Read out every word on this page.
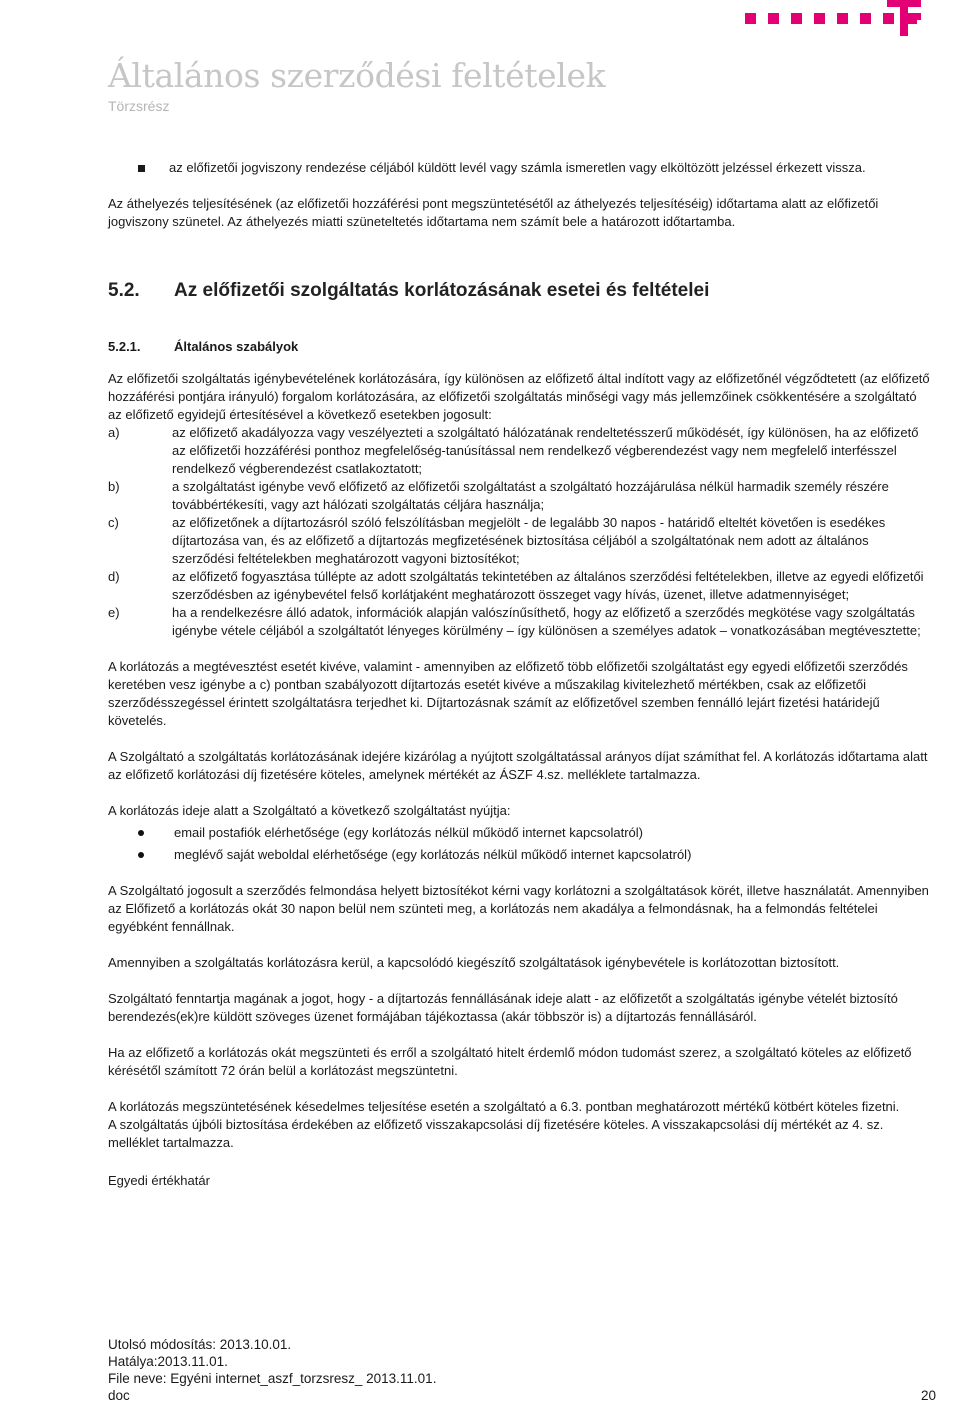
Általános szerződési feltételek
Törzsrész
az előfizetői jogviszony rendezése céljából küldött levél vagy számla ismeretlen vagy elköltözött jelzéssel érkezett vissza.

Az áthelyezés teljesítésének (az előfizetői hozzáférési pont megszüntetésétől az áthelyezés teljesítéséig) időtartama alatt az előfizetői jogviszony szünetel. Az áthelyezés miatti szüneteltetés időtartama nem számít bele a határozott időtartamba.

5.2.	Az előfizetői szolgáltatás korlátozásának esetei és feltételei
5.2.1.	Általános szabályok

Az előfizetői szolgáltatás igénybevételének korlátozására, így különösen az előfizető által indított vagy az előfizetőnél végződtetett (az előfizető hozzáférési pontjára irányuló) forgalom korlátozására, az előfizetői szolgáltatás minőségi vagy más jellemzőinek csökkentésére a szolgáltató az előfizető egyidejű értesítésével a következő esetekben jogosult:

a)	az előfizető akadályozza vagy veszélyezteti a szolgáltató hálózatának rendeltetésszerű működését, így különösen, ha az előfizető az előfizetői hozzáférési ponthoz megfelelőség-tanúsítással nem rendelkező végberendezést vagy nem megfelelő interfésszel rendelkező végberendezést csatlakoztatott;
b)	a szolgáltatást igénybe vevő előfizető az előfizetői szolgáltatást a szolgáltató hozzájárulása nélkül harmadik személy részére továbbértékesíti, vagy azt hálózati szolgáltatás céljára használja;
c)	az előfizetőnek a díjtartozásról szóló felszólításban megjelölt - de legalább 30 napos - határidő elteltét követően is esedékes díjtartozása van, és az előfizető a díjtartozás megfizetésének biztosítása céljából a szolgáltatónak nem adott az általános szerződési feltételekben meghatározott vagyoni biztosítékot;
d)	az előfizető fogyasztása túllépte az adott szolgáltatás tekintetében az általános szerződési feltételekben, illetve az egyedi előfizetői szerződésben az igénybevétel felső korlátjaként meghatározott összeget vagy hívás, üzenet, illetve adatmennyiséget;
e)	ha a rendelkezésre álló adatok, információk alapján valószínűsíthető, hogy az előfizető a szerződés megkötése vagy szolgáltatás igénybe vétele céljából a szolgáltatót lényeges körülmény – így különösen a személyes adatok – vonatkozásában megtévesztette;

A korlátozás a megtévesztést esetét kivéve, valamint - amennyiben az előfizető több előfizetői szolgáltatást egy egyedi előfizetői szerződés keretében vesz igénybe a c) pontban szabályozott díjtartozás esetét kivéve a műszakilag kivitelezhető mértékben, csak az előfizetői szerződésszegéssel érintett szolgáltatásra terjedhet ki. Díjtartozásnak számít az előfizetővel szemben fennálló lejárt fizetési határidejű követelés.

A Szolgáltató a szolgáltatás korlátozásának idejére kizárólag a nyújtott szolgáltatással arányos díjat számíthat fel. A korlátozás időtartama alatt az előfizető korlátozási díj fizetésére köteles, amelynek mértékét az ÁSZF 4.sz. melléklete tartalmazza.

A korlátozás ideje alatt a Szolgáltató a következő szolgáltatást nyújtja:

email postafiók elérhetősége (egy korlátozás nélkül működő internet kapcsolatról)
meglévő saját weboldal elérhetősége (egy korlátozás nélkül működő internet kapcsolatról)

A Szolgáltató jogosult a szerződés felmondása helyett biztosítékot kérni vagy korlátozni a szolgáltatások körét, illetve használatát. Amennyiben az Előfizető a korlátozás okát 30 napon belül nem szünteti meg, a korlátozás nem akadálya a felmondásnak, ha a felmondás feltételei egyébként fennállnak.

Amennyiben a szolgáltatás korlátozásra kerül, a kapcsolódó kiegészítő szolgáltatások igénybevétele is korlátozottan biztosított.

Szolgáltató fenntartja magának a jogot, hogy - a díjtartozás fennállásának ideje alatt - az előfizetőt a szolgáltatás igénybe vételét biztosító berendezés(ek)re küldött szöveges üzenet formájában tájékoztassa (akár többször is) a díjtartozás fennállásáról.

Ha az előfizető a korlátozás okát megszünteti és erről a szolgáltató hitelt érdemlő módon tudomást szerez, a szolgáltató köteles az előfizető kérésétől számított 72 órán belül a korlátozást megszüntetni.

A korlátozás megszüntetésének késedelmes teljesítése esetén a szolgáltató a 6.3. pontban meghatározott mértékű kötbért köteles fizetni.

A szolgáltatás újbóli biztosítása érdekében az előfizető visszakapcsolási díj fizetésére köteles. A visszakapcsolási díj mértékét az 4. sz. melléklet tartalmazza.

Egyedi értékhatár

Utolsó módosítás: 2013.10.01.
Hatálya:2013.11.01.
File neve: Egyéni internet_aszf_torzsresz_ 2013.11.01.
doc	20
